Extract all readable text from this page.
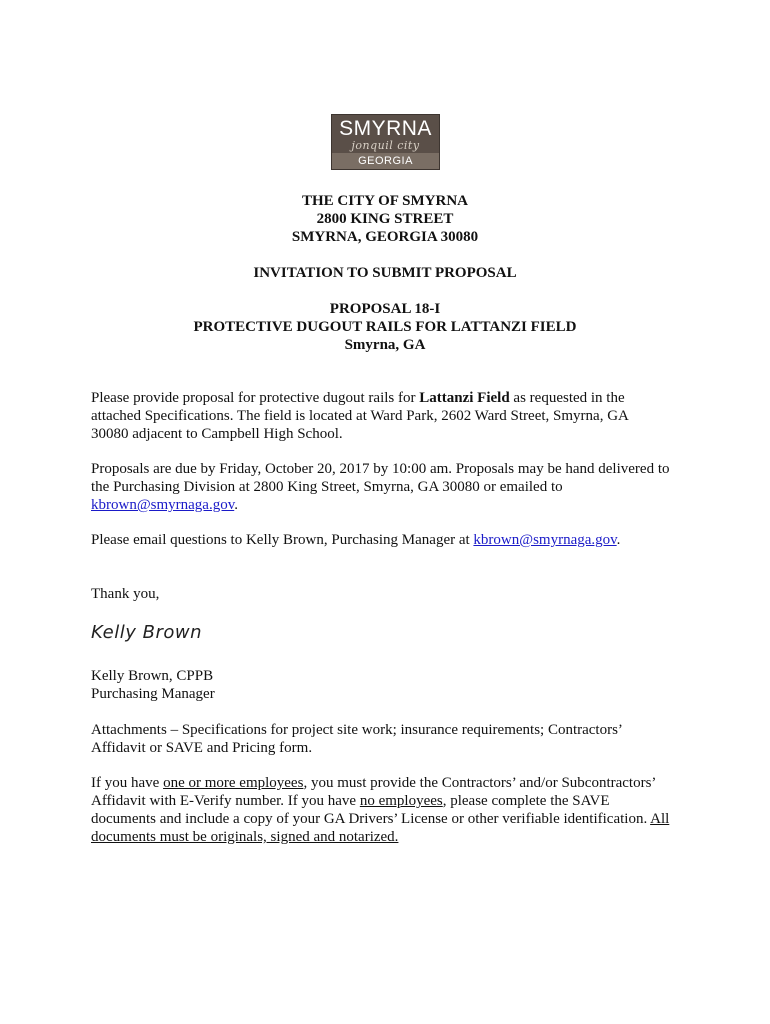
SMYRNA
jonquil city
GEORGIA
THE CITY OF SMYRNA
2800 KING STREET
SMYRNA, GEORGIA 30080
INVITATION TO SUBMIT PROPOSAL
PROPOSAL 18-I
PROTECTIVE DUGOUT RAILS FOR LATTANZI FIELD
Smyrna, GA
Please provide proposal for protective dugout rails for Lattanzi Field as requested in the
attached Specifications. The field is located at Ward Park, 2602 Ward Street, Smyrna, GA
30080 adjacent to Campbell High School.
Proposals are due by Friday, October 20, 2017 by 10:00 am. Proposals may be hand delivered to
the Purchasing Division at 2800 King Street, Smyrna, GA 30080 or emailed to
kbrown@smyrnaga.gov.
Please email questions to Kelly Brown, Purchasing Manager at kbrown@smyrnaga.gov.
Thank you,
Kelly Brown
Kelly Brown, CPPB
Purchasing Manager
Attachments – Specifications for project site work; insurance requirements; Contractors’
Affidavit or SAVE and Pricing form.
If you have one or more employees, you must provide the Contractors’ and/or Subcontractors’
Affidavit with E-Verify number. If you have no employees, please complete the SAVE
documents and include a copy of your GA Drivers’ License or other verifiable identification. All
documents must be originals, signed and notarized.
